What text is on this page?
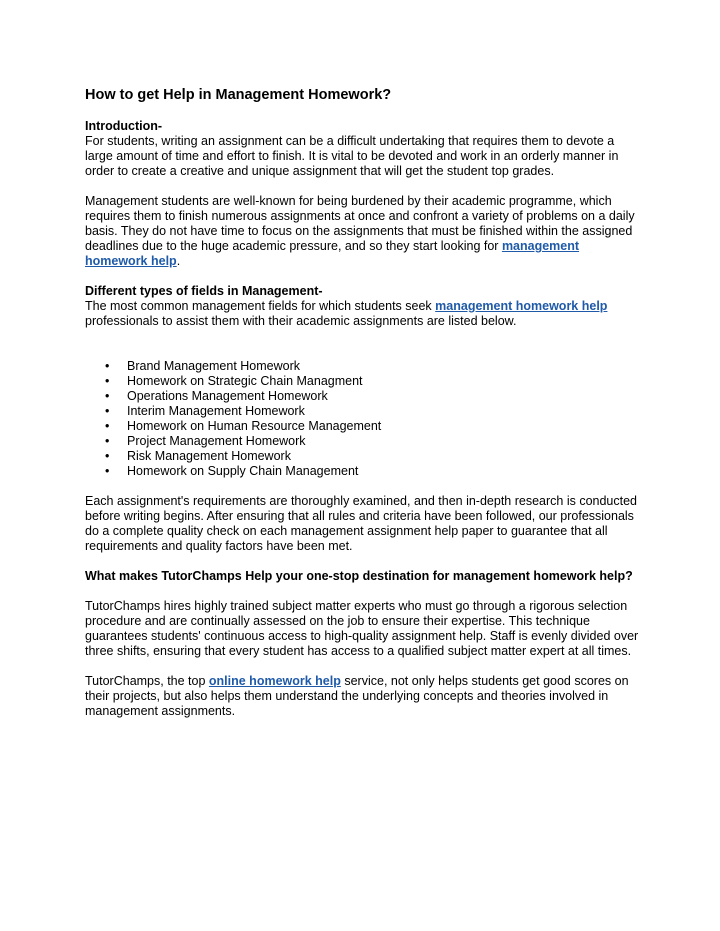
How to get Help in Management Homework?
Introduction-

For students, writing an assignment can be a difficult undertaking that requires them to devote a large amount of time and effort to finish. It is vital to be devoted and work in an orderly manner in order to create a creative and unique assignment that will get the student top grades.

Management students are well-known for being burdened by their academic programme, which requires them to finish numerous assignments at once and confront a variety of problems on a daily basis. They do not have time to focus on the assignments that must be finished within the assigned deadlines due to the huge academic pressure, and so they start looking for management homework help.

Different types of fields in Management-

The most common management fields for which students seek management homework help professionals to assist them with their academic assignments are listed below.

• Brand Management Homework
• Homework on Strategic Chain Managment
• Operations Management Homework
• Interim Management Homework
• Homework on Human Resource Management
• Project Management Homework
• Risk Management Homework
• Homework on Supply Chain Management

Each assignment's requirements are thoroughly examined, and then in-depth research is conducted before writing begins. After ensuring that all rules and criteria have been followed, our professionals do a complete quality check on each management assignment help paper to guarantee that all requirements and quality factors have been met.

What makes TutorChamps Help your one-stop destination for management homework help?

TutorChamps hires highly trained subject matter experts who must go through a rigorous selection procedure and are continually assessed on the job to ensure their expertise. This technique guarantees students' continuous access to high-quality assignment help. Staff is evenly divided over three shifts, ensuring that every student has access to a qualified subject matter expert at all times.

TutorChamps, the top online homework help service, not only helps students get good scores on their projects, but also helps them understand the underlying concepts and theories involved in management assignments.
